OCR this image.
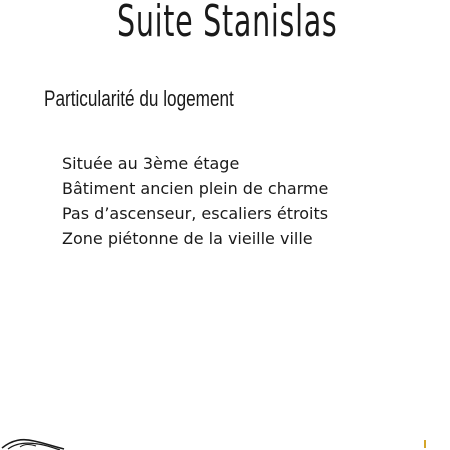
Suite Stanislas
Particularité du logement
Située au 3ème étage
Bâtiment ancien plein de charme
Pas d’ascenseur, escaliers étroits
Zone piétonne de la vieille ville
